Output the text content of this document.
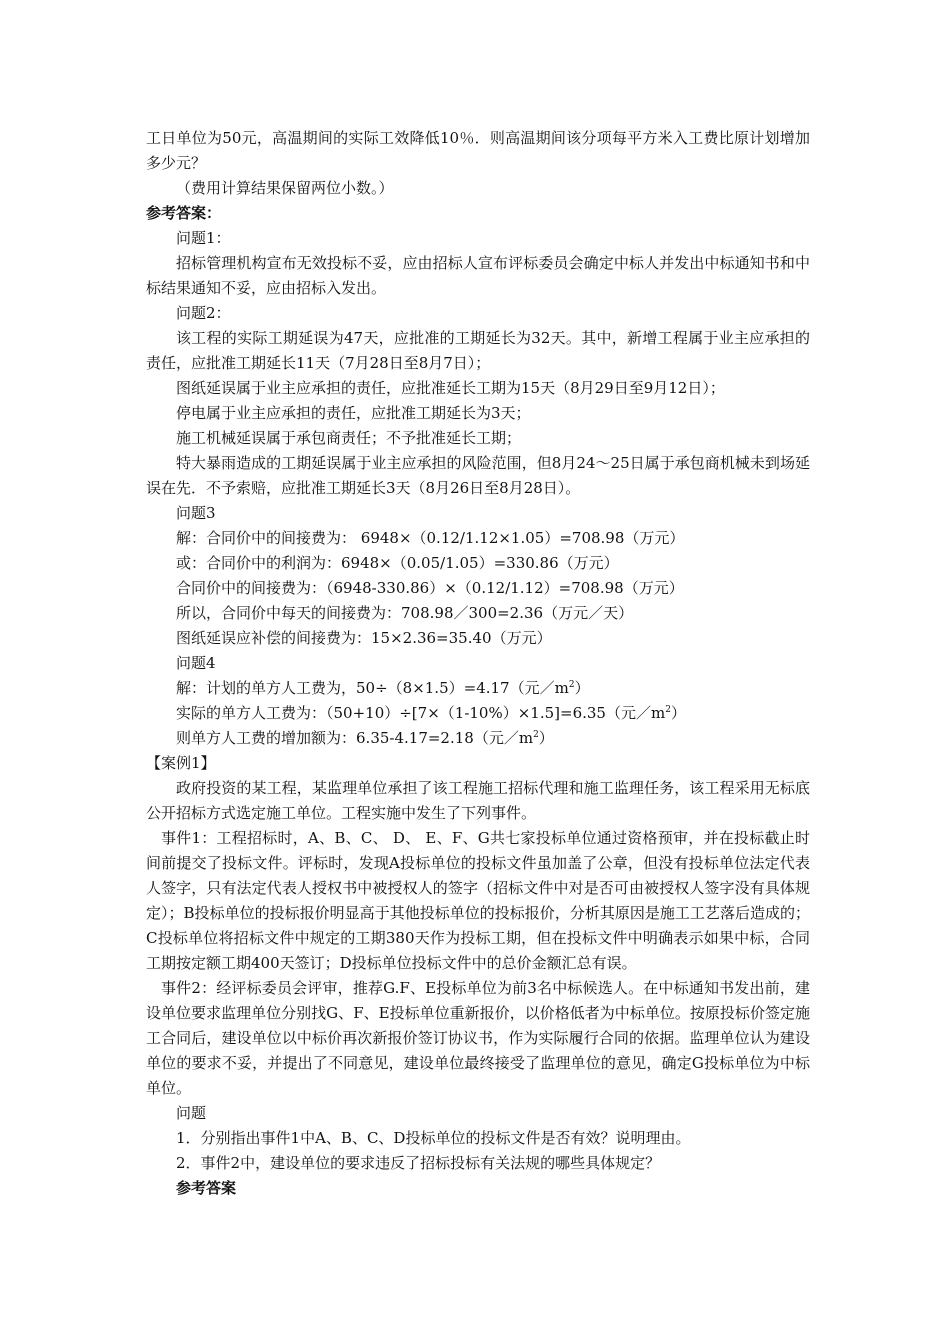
工日单位为50元，高温期间的实际工效降低10％．则高温期间该分项每平方米入工费比原计划增加多少元？

（费用计算结果保留两位小数。）

参考答案：

问题1：

招标管理机构宣布无效投标不妥，应由招标人宣布评标委员会确定中标人并发出中标通知书和中标结果通知不妥，应由招标入发出。

问题2：

该工程的实际工期延误为47天，应批准的工期延长为32天。其中，新增工程属于业主应承担的责任，应批准工期延长11天（7月28日至8月7日）；

图纸延误属于业主应承担的责任，应批准延长工期为15天（8月29日至9月12日）；

停电属于业主应承担的责任，应批准工期延长为3天；

施工机械延误属于承包商责任；不予批准延长工期；

特大暴雨造成的工期延误属于业主应承担的风险范围，但8月24～25日属于承包商机械未到场延误在先．不予索赔，应批准工期延长3天（8月26日至8月28日）。

问题3

解：合同价中的间接费为： 6948×（0.12/1.12×1.05）=708.98（万元）

或：合同价中的利润为：6948×（0.05/1.05）=330.86（万元）

合同价中的间接费为：（6948-330.86）×（0.12/1.12）=708.98（万元）

所以，合同价中每天的间接费为：708.98／300=2.36（万元／天）

图纸延误应补偿的间接费为：15×2.36=35.40（万元）

问题4

解：计划的单方人工费为，50÷（8×1.5）=4.17（元$/m^2$）

实际的单方人工费为：（50+10）÷[7×（1-10%）×1.5]=6.35（元$/m^2$）

则单方人工费的增加额为：6.35-4.17=2.18（元$/m^2$）

【案例1】

政府投资的某工程，某监理单位承担了该工程施工招标代理和施工监理任务，该工程采用无标底公开招标方式选定施工单位。工程实施中发生了下列事件。

事件1：工程招标时，A、B、C、 D、 E、F、G共七家投标单位通过资格预审，并在投标截止时间前提交了投标文件。评标时，发现A投标单位的投标文件虽加盖了公章，但没有投标单位法定代表人签字，只有法定代表人授权书中被授权人的签字（招标文件中对是否可由被授权人签字没有具体规定）；B投标单位的投标报价明显高于其他投标单位的投标报价，分析其原因是施工工艺落后造成的；C投标单位将招标文件中规定的工期380天作为投标工期，但在投标文件中明确表示如果中标，合同工期按定额工期400天签订；D投标单位投标文件中的总价金额汇总有误。

事件2：经评标委员会评审，推荐G.F、E投标单位为前3名中标候选人。在中标通知书发出前，建设单位要求监理单位分别找G、F、E投标单位重新报价，以价格低者为中标单位。按原投标价签定施工合同后，建设单位以中标价再次新报价签订协议书，作为实际履行合同的依据。监理单位认为建设单位的要求不妥，并提出了不同意见，建设单位最终接受了监理单位的意见，确定G投标单位为中标单位。

问题

1．分别指出事件1中A、B、C、D投标单位的投标文件是否有效？说明理由。

2．事件2中，建设单位的要求违反了招标投标有关法规的哪些具体规定？

参考答案
